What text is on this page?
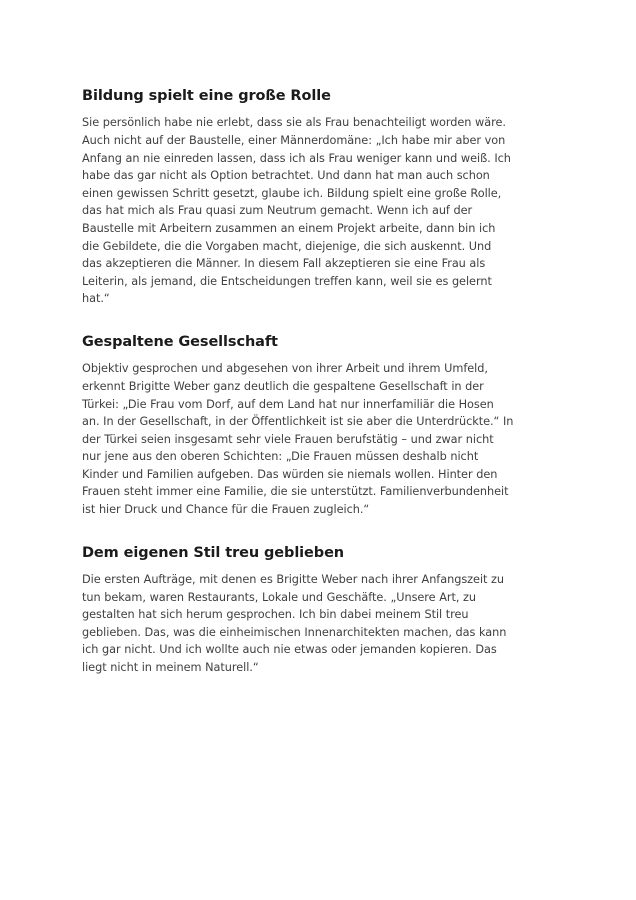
Bildung spielt eine große Rolle

Sie persönlich habe nie erlebt, dass sie als Frau benachteiligt worden wäre. Auch nicht auf der Baustelle, einer Männerdomäne: „Ich habe mir aber von Anfang an nie einreden lassen, dass ich als Frau weniger kann und weiß. Ich habe das gar nicht als Option betrachtet. Und dann hat man auch schon einen gewissen Schritt gesetzt, glaube ich. Bildung spielt eine große Rolle, das hat mich als Frau quasi zum Neutrum gemacht. Wenn ich auf der Baustelle mit Arbeitern zusammen an einem Projekt arbeite, dann bin ich die Gebildete, die die Vorgaben macht, diejenige, die sich auskennt. Und das akzeptieren die Männer. In diesem Fall akzeptieren sie eine Frau als Leiterin, als jemand, die Entscheidungen treffen kann, weil sie es gelernt hat.“

Gespaltene Gesellschaft

Objektiv gesprochen und abgesehen von ihrer Arbeit und ihrem Umfeld, erkennt Brigitte Weber ganz deutlich die gespaltene Gesellschaft in der Türkei: „Die Frau vom Dorf, auf dem Land hat nur innerfamiliär die Hosen an. In der Gesellschaft, in der Öffentlichkeit ist sie aber die Unterdrückte.“ In der Türkei seien insgesamt sehr viele Frauen berufstätig – und zwar nicht nur jene aus den oberen Schichten: „Die Frauen müssen deshalb nicht Kinder und Familien aufgeben. Das würden sie niemals wollen. Hinter den Frauen steht immer eine Familie, die sie unterstützt. Familienverbundenheit ist hier Druck und Chance für die Frauen zugleich.“

Dem eigenen Stil treu geblieben

Die ersten Aufträge, mit denen es Brigitte Weber nach ihrer Anfangszeit zu tun bekam, waren Restaurants, Lokale und Geschäfte. „Unsere Art, zu gestalten hat sich herum gesprochen. Ich bin dabei meinem Stil treu geblieben. Das, was die einheimischen Innenarchitekten machen, das kann ich gar nicht. Und ich wollte auch nie etwas oder jemanden kopieren. Das liegt nicht in meinem Naturell.“
